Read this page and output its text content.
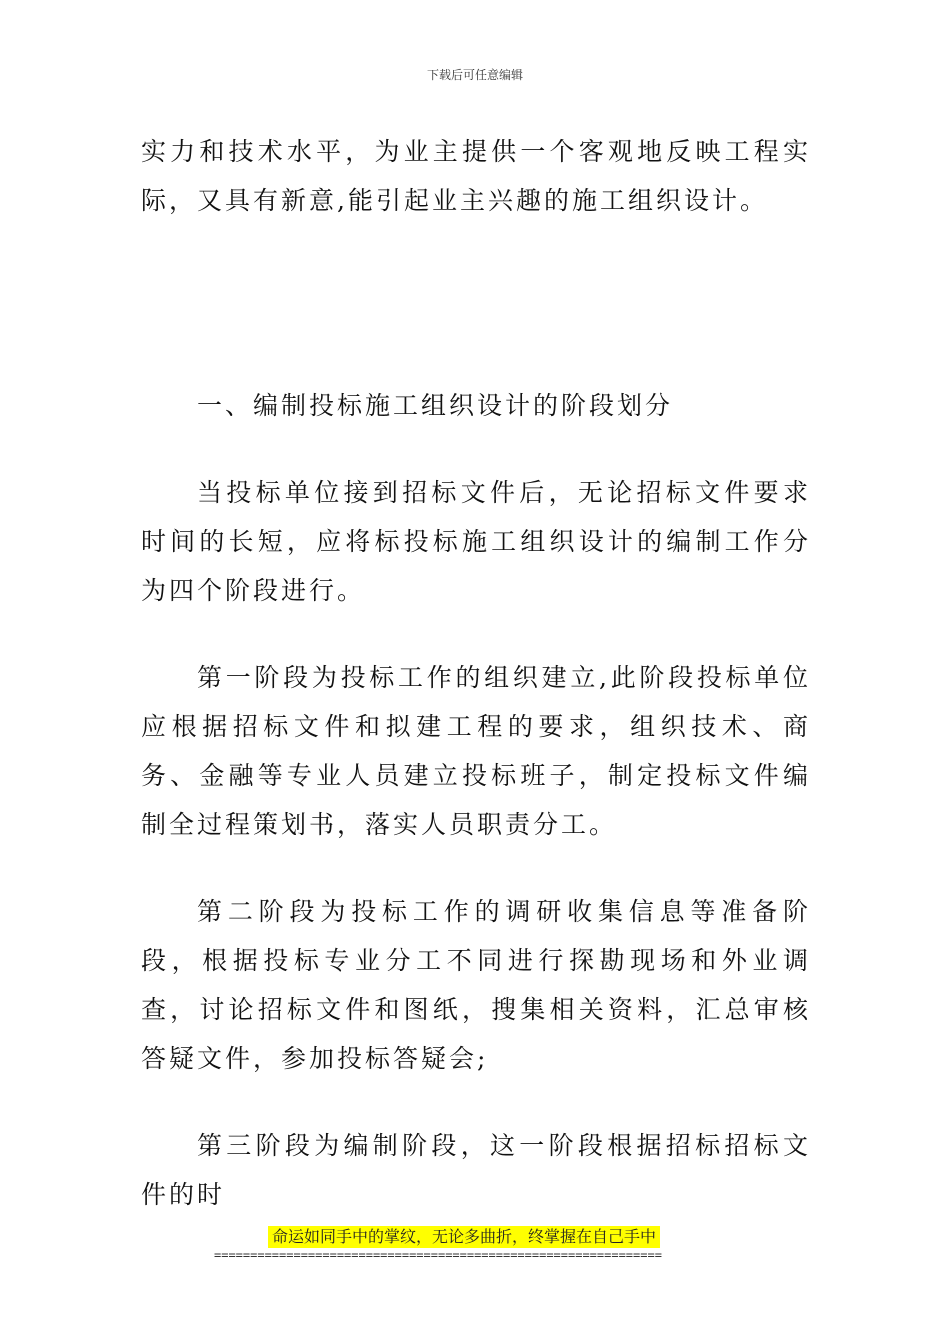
下载后可任意编辑

实力和技术水平，为业主提供一个客观地反映工程实际，又具有新意,能引起业主兴趣的施工组织设计。

一、编制投标施工组织设计的阶段划分

当投标单位接到招标文件后，无论招标文件要求时间的长短，应将标投标施工组织设计的编制工作分为四个阶段进行。

第一阶段为投标工作的组织建立,此阶段投标单位应根据招标文件和拟建工程的要求，组织技术、商务、金融等专业人员建立投标班子，制定投标文件编制全过程策划书，落实人员职责分工。

第二阶段为投标工作的调研收集信息等准备阶段，根据投标专业分工不同进行探勘现场和外业调查，讨论招标文件和图纸，搜集相关资料，汇总审核答疑文件，参加投标答疑会;

第三阶段为编制阶段，这一阶段根据招标招标文件的时

命运如同手中的掌纹，无论多曲折，终掌握在自己手中
==============================================================
